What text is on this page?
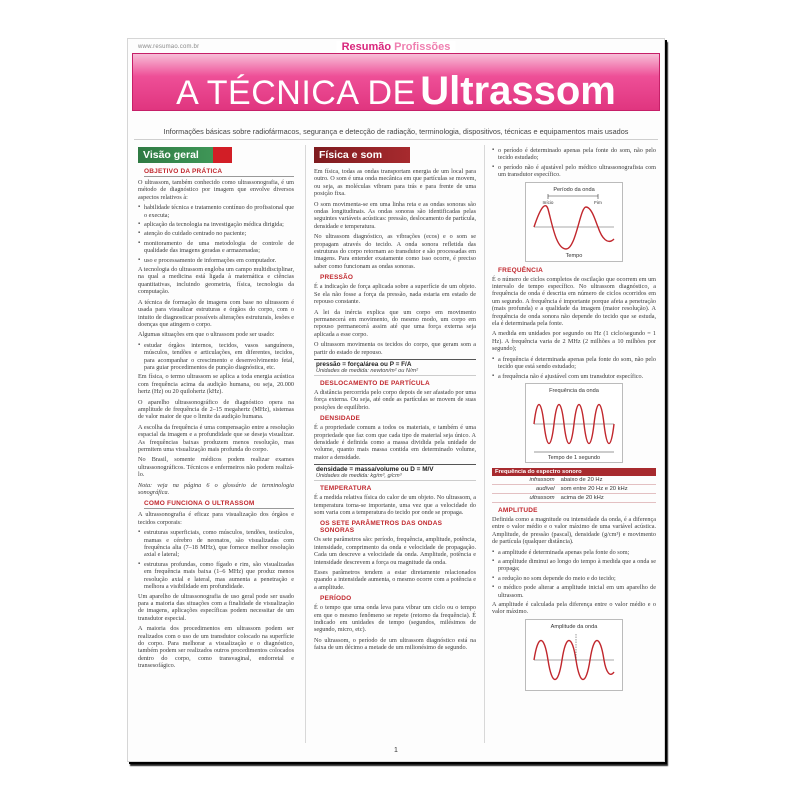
www.resumao.com.br	Resumão Profissões
A TÉCNICA DE Ultrassom
Informações básicas sobre radiofármacos, segurança e detecção de radiação, terminologia, dispositivos, técnicas e equipamentos mais usados
Visão geral
OBJETIVO DA PRÁTICA
O ultrassom, também conhecido como ultrassonografia, é um método de diagnóstico por imagem que envolve diversos aspectos relativos à:
▪ habilidade técnica e tratamento contínuo do profissional que o executa;
▪ aplicação da tecnologia na investigação médica dirigida;
▪ atenção do cuidado centrado no paciente;
▪ monitoramento de uma metodologia de controle de qualidade das imagens geradas e armazenadas;
▪ uso e processamento de informações em computador.
A tecnologia do ultrassom engloba um campo multidisciplinar, na qual a medicina está ligada à matemática e ciências quantitativas, incluindo geometria, física, tecnologia da computação.
A técnica de formação de imagens com base no ultrassom é usada para visualizar estruturas e órgãos do corpo, com o intuito de diagnosticar possíveis alterações estruturais, lesões e doenças que atingem o corpo.
Algumas situações em que o ultrassom pode ser usado:
▪ estudar órgãos internos, tecidos, vasos sanguíneos, músculos, tendões e articulações, em diferentes, tecidos, para acompanhar o crescimento e desenvolvimento fetal, para guiar procedimentos de punção diagnóstica, etc.
Em física, o termo ultrassom se aplica a toda energia acústica com frequência acima da audição humana, ou seja, 20.000 hertz (Hz) ou 20 quilohertz (kHz).
O aparelho ultrassonográfico de diagnóstico opera na amplitude de frequência de 2–15 megahertz (MHz), sistemas de valor maior de que o limite da audição humana.
A escolha da frequência é uma compensação entre a resolução espacial da imagem e a profundidade que se deseja visualizar. As frequências baixas produzem menos resolução, mas permitem uma visualização mais profunda do corpo.
No Brasil, somente médicos podem realizar exames ultrassonográficos. Técnicos e enfermeiros não podem realizá-lo.
Nota: veja na página 6 o glossário de terminologia sonográfica.
COMO FUNCIONA O ULTRASSOM
A ultrassonografia é eficaz para visualização dos órgãos e tecidos corporais:
▪ estruturas superficiais, como músculos, tendões, testículos, mamas e cérebro de neonatos, são visualizadas com frequência alta (7–18 MHz), que fornece melhor resolução axial e lateral;
▪ estruturas profundas, como fígado e rim, são visualizadas em frequência mais baixa (1–6 MHz) que produz menos resolução axial e lateral, mas aumenta a penetração e melhora a visibilidade em profundidade.
Um aparelho de ultrassonografia de uso geral pode ser usado para a maioria das situações com a finalidade de visualização de imagens, aplicações específicas podem necessitar de um transdutor especial.
A maioria dos procedimentos em ultrassom podem ser realizados com o uso de um transdutor colocado na superfície do corpo. Para melhorar a visualização e o diagnóstico, também podem ser realizados outros procedimentos colocados dentro do corpo, como transvaginal, endorretal e transesofágico.
Física e som
Em física, todas as ondas transportam energia de um local para outro. O som é uma onda mecânica em que partículas se movem, ou seja, as moléculas vibram para trás e para frente de uma posição fixa.
O som movimenta-se em uma linha reta e as ondas sonoras são ondas longitudinais. As ondas sonoras são identificadas pelas seguintes variáveis acústicas: pressão, deslocamento de partícula, densidade e temperatura.
No ultrassom diagnóstico, as vibrações (ecos) e o som se propagam através do tecido. A onda sonora refletida das estruturas do corpo retornam ao transdutor e são processadas em imagens. Para entender exatamente como isso ocorre, é preciso saber como funcionam as ondas sonoras.
PRESSÃO
É a indicação de força aplicada sobre a superfície de um objeto. Se ela não fosse a força da pressão, nada estaria em estado de repouso constante.
A lei da inércia explica que um corpo em movimento permanecerá em movimento, do mesmo modo, um corpo em repouso permanecerá assim até que uma força externa seja aplicada a esse corpo.
O ultrassom movimenta os tecidos do corpo, que geram som a partir do estado de repouso.
pressão = força/área ou P = F/A
Unidades de medida: newton/m² ou N/m²
DESLOCAMENTO DE PARTÍCULA
A distância percorrida pelo corpo depois de ser afastado por uma força externa. Ou seja, até onde as partículas se movem de suas posições de equilíbrio.
DENSIDADE
É a propriedade comum a todos os materiais, e também é uma propriedade que faz com que cada tipo de material seja único. A densidade é definida como a massa dividida pela unidade de volume, quanto mais massa contida em determinado volume, maior a densidade.
densidade = massa/volume ou D = M/V
Unidades de medida: kg/m³, g/cm³
TEMPERATURA
É a medida relativa física do calor de um objeto. No ultrassom, a temperatura torna-se importante, uma vez que a velocidade do som varia com a temperatura do tecido por onde se propaga.
OS SETE PARÂMETROS DAS ONDAS SONORAS
Os sete parâmetros são: período, frequência, amplitude, potência, intensidade, comprimento da onda e velocidade de propagação. Cada um descreve a velocidade da onda. Amplitude, potência e intensidade descrevem a força ou magnitude da onda.
Esses parâmetros tendem a estar diretamente relacionados quando a intensidade aumenta, o mesmo ocorre com a potência e a amplitude.
PERÍODO
É o tempo que uma onda leva para vibrar um ciclo ou o tempo em que o mesmo fenômeno se repete (retorno da frequência). É indicado em unidades de tempo (segundos, milésimos de segundo, micro, etc).
No ultrassom, o período de um ultrassom diagnóstico está na faixa de um décimo a metade de um milionésimo de segundo.
▪ o período é determinado apenas pela fonte do som, não pelo tecido estudado;
▪ o período não é ajustável pelo médico ultrassonografista com um transdutor específico.
Período da onda
Início	Fim
Tempo
FREQUÊNCIA
É o número de ciclos completos de oscilação que ocorrem em um intervalo de tempo específico. No ultrassom diagnóstico, a frequência de onda é descrita em número de ciclos ocorridos em um segundo. A frequência é importante porque afeta a penetração (mais profunda) e a qualidade da imagem (maior resolução). A frequência de onda sonora não depende do tecido que se estuda, ela é determinada pela fonte.
A medida em unidades por segundo ou Hz (1 ciclo/segundo = 1 Hz). A frequência varia de 2 MHz (2 milhões a 10 milhões por segundo);
▪ a frequência é determinada apenas pela fonte do som, não pelo tecido que está sendo estudado;
▪ a frequência não é ajustável com um transdutor específico.
Frequência da onda
Tempo de 1 segundo
Frequência do espectro sonoro	
infrassom	abaixo de 20 Hz
audível	som entre 20 Hz e 20 kHz
ultrassom	acima de 20 kHz
AMPLITUDE
Definida como a magnitude ou intensidade da onda, é a diferença entre o valor médio e o valor máximo de uma variável acústica. Amplitude, de pressão (pascal), densidade (g/cm³) e movimento de partícula (qualquer distância).
▪ a amplitude é determinada apenas pela fonte do som;
▪ a amplitude diminui ao longo do tempo à medida que a onda se propaga;
▪ a redução no som depende do meio e do tecido;
▪ o médico pode alterar a amplitude inicial em um aparelho de ultrassom.
A amplitude é calculada pela diferença entre o valor médio e o valor máximo.
Amplitude da onda
1
